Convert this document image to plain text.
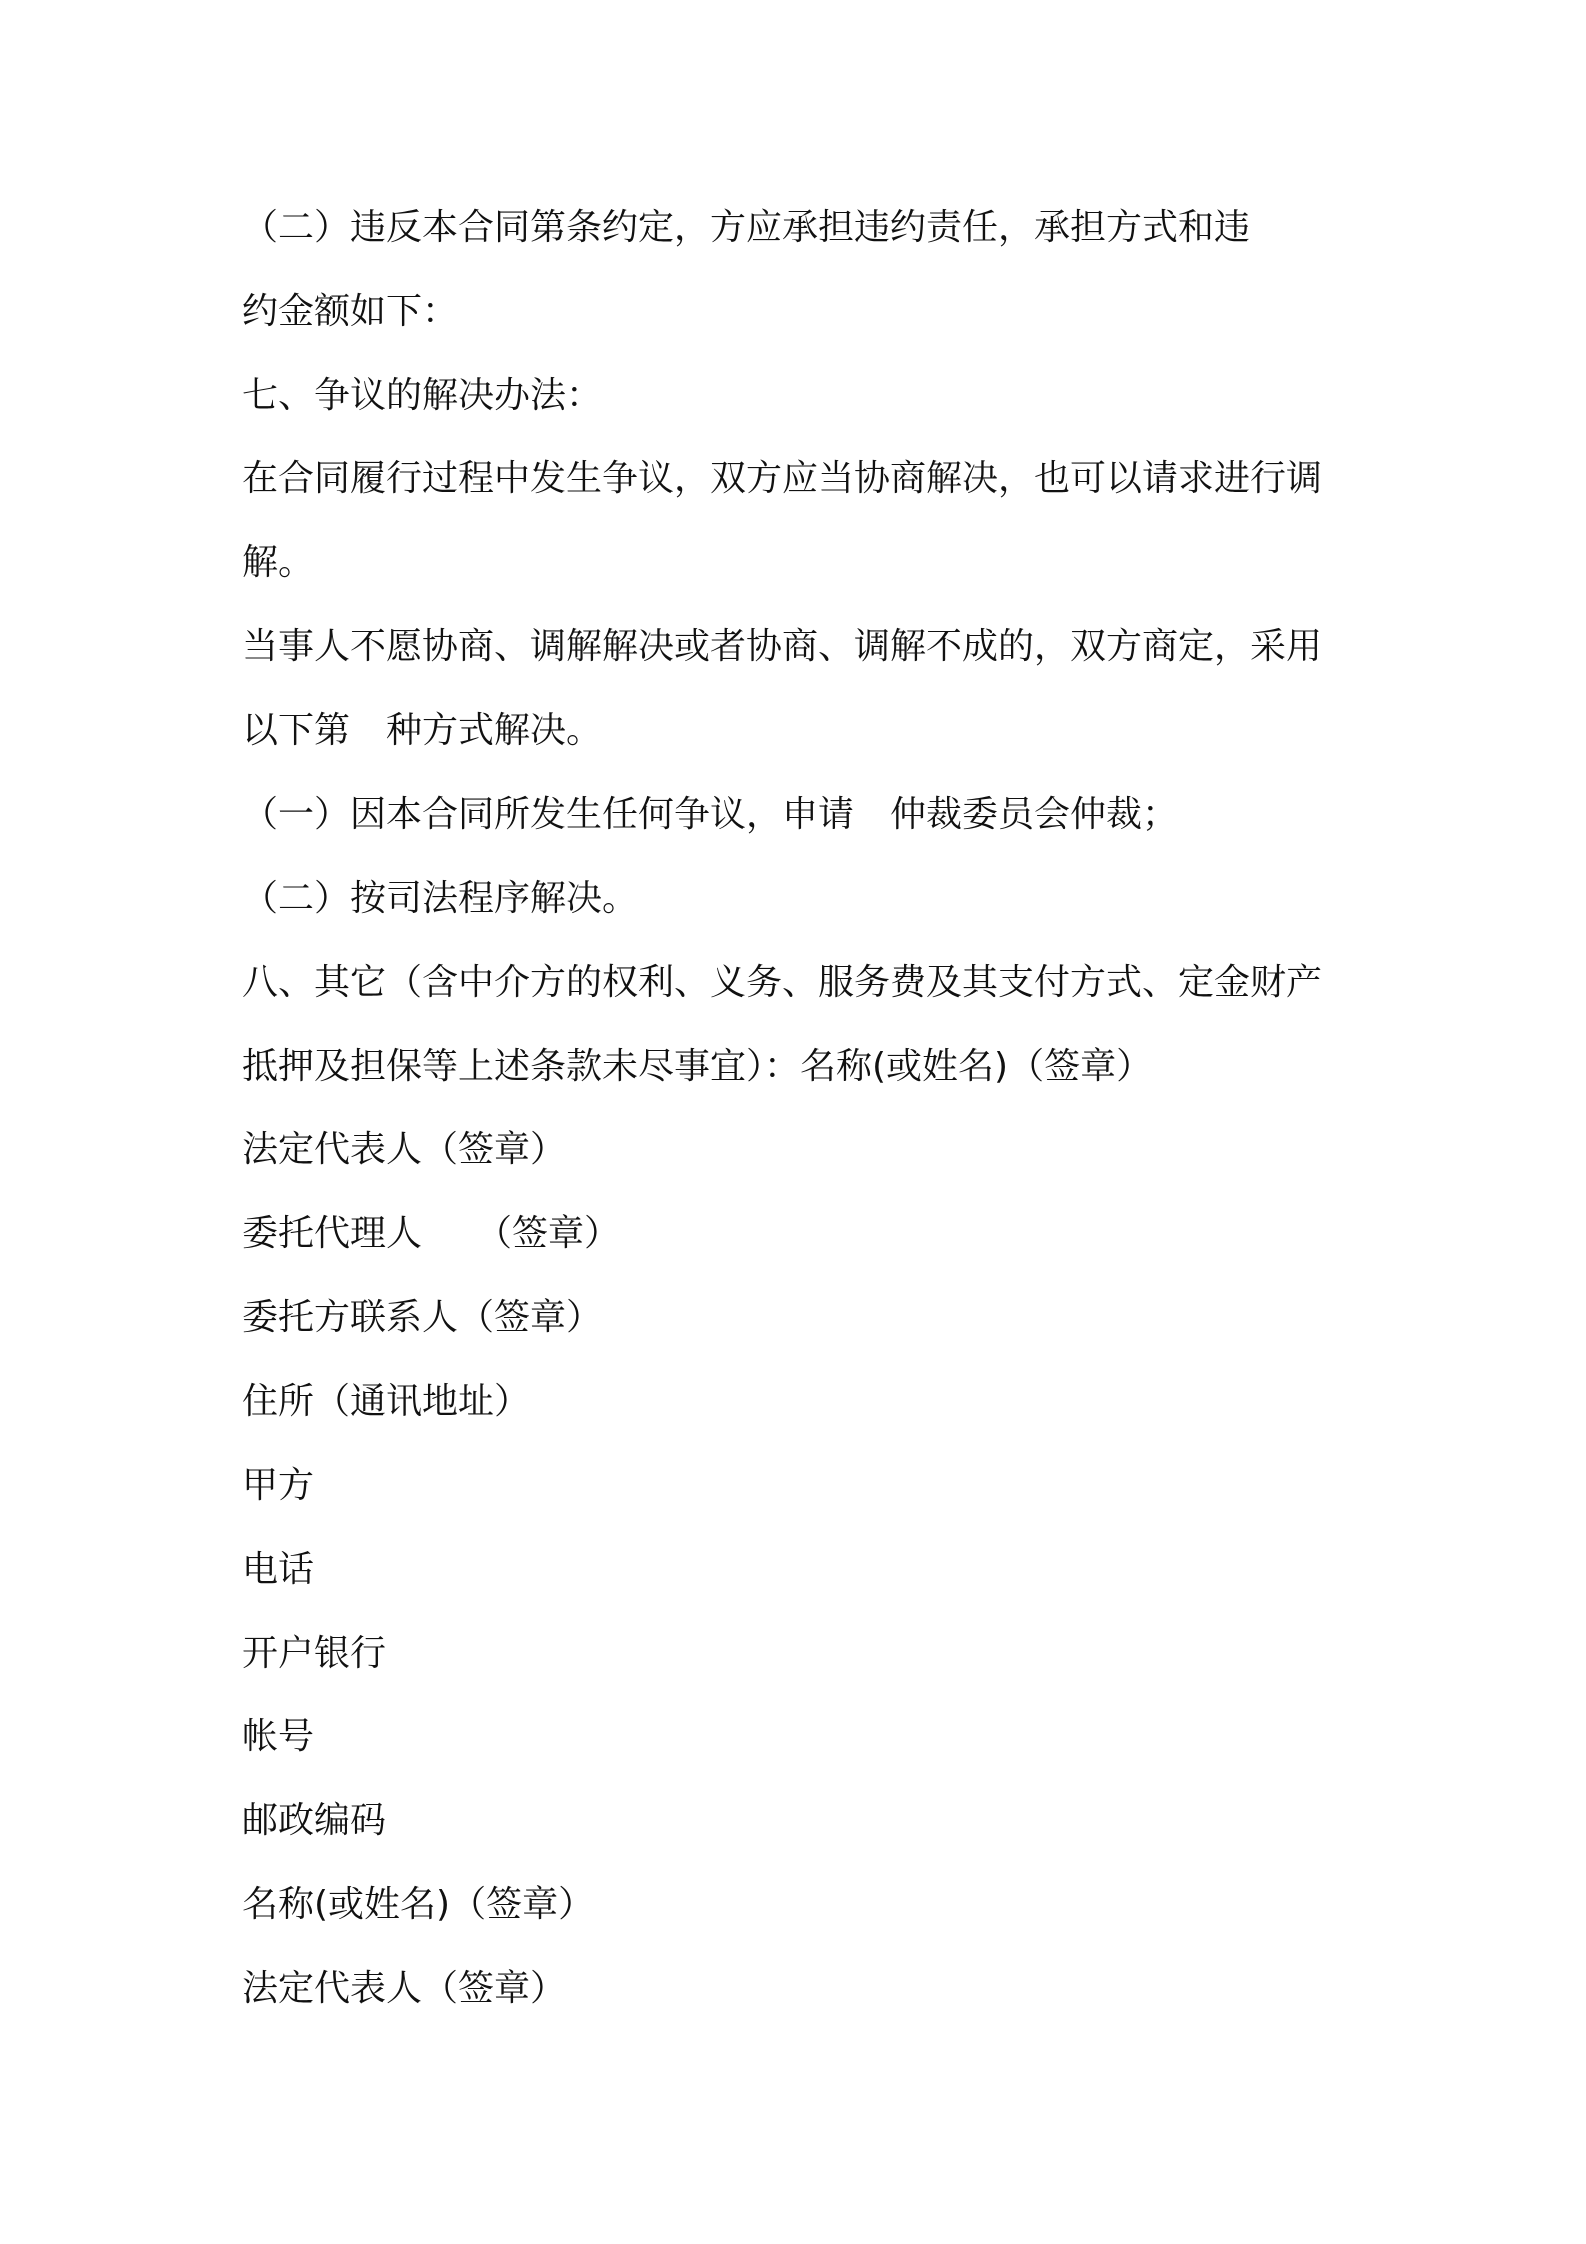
（二）违反本合同第条约定，方应承担违约责任，承担方式和违
约金额如下：
七、争议的解决办法：
在合同履行过程中发生争议，双方应当协商解决，也可以请求进行调
解。
当事人不愿协商、调解解决或者协商、调解不成的，双方商定，采用
以下第　种方式解决。
（一）因本合同所发生任何争议，申请　仲裁委员会仲裁；
（二）按司法程序解决。
八、其它（含中介方的权利、义务、服务费及其支付方式、定金财产
抵押及担保等上述条款未尽事宜）：名称(或姓名)（签章）
法定代表人（签章）
委托代理人　　（签章）
委托方联系人（签章）
住所（通讯地址）
甲方
电话
开户银行
帐号
邮政编码
名称(或姓名)（签章）
法定代表人（签章）
